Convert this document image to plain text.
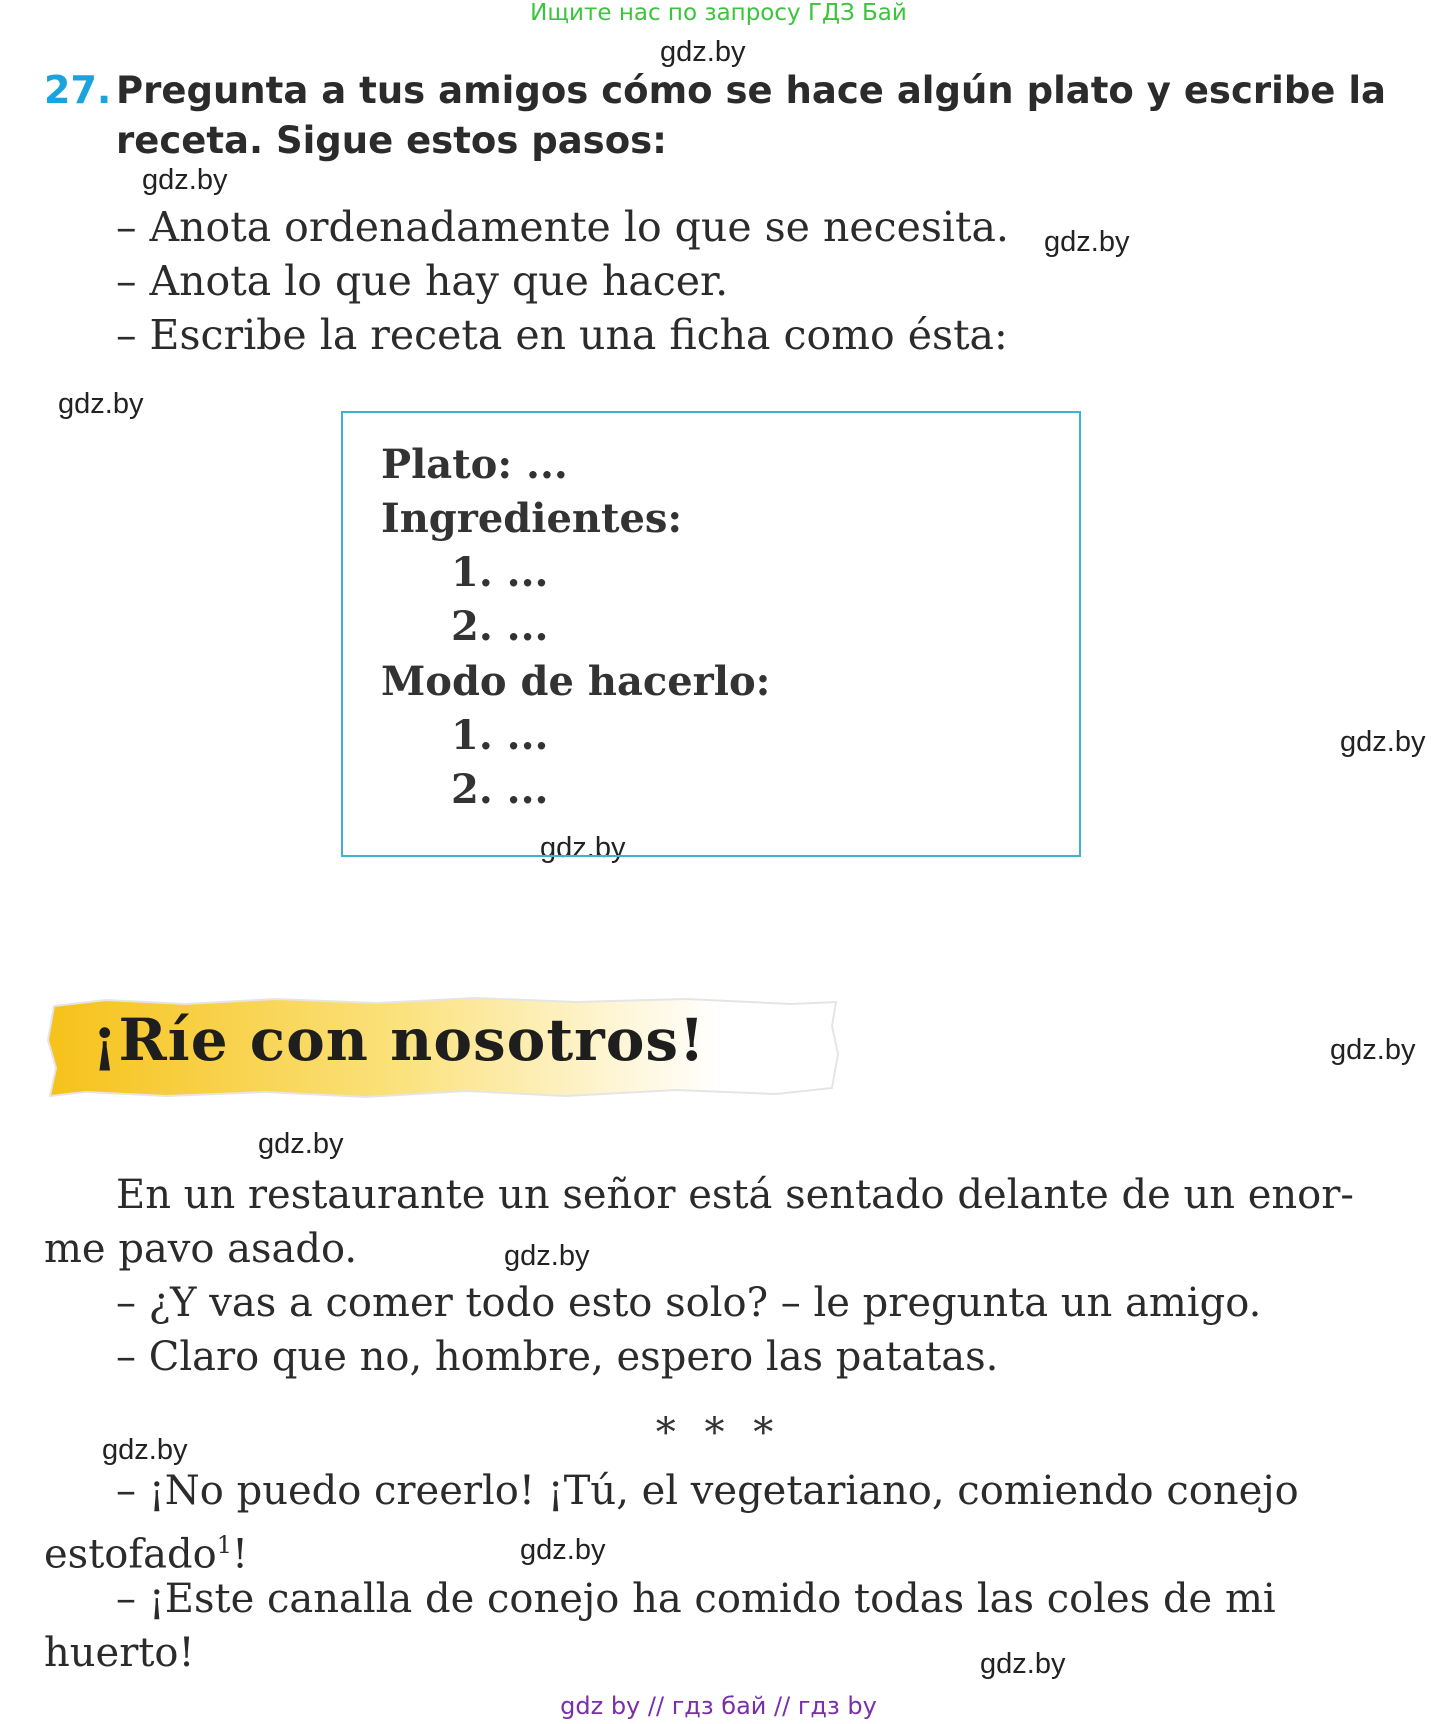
Ищите нас по запросу ГДЗ Бай
gdz.by
gdz.by
gdz.by
gdz.by
gdz.by
gdz.by
gdz.by
gdz.by
gdz.by
gdz.by
gdz.by
gdz.by
27. Pregunta a tus amigos cómo se hace algún plato y escribe la receta. Sigue estos pasos:
– Anota ordenadamente lo que se necesita.
– Anota lo que hay que hacer.
– Escribe la receta en una ficha como ésta:
Plato: ...
Ingredientes:
1. ...
2. ...
Modo de hacerlo:
1. ...
2. ...
¡Ríe con nosotros!
En un restaurante un señor está sentado delante de un enor-
me pavo asado.
– ¿Y vas a comer todo esto solo? – le pregunta un amigo.
– Claro que no, hombre, espero las patatas.
* * *
– ¡No puedo creerlo! ¡Tú, el vegetariano, comiendo conejo
estofado$^1$!
– ¡Este canalla de conejo ha comido todas las coles de mi
huerto!
gdz by // гдз бай // гдз by
